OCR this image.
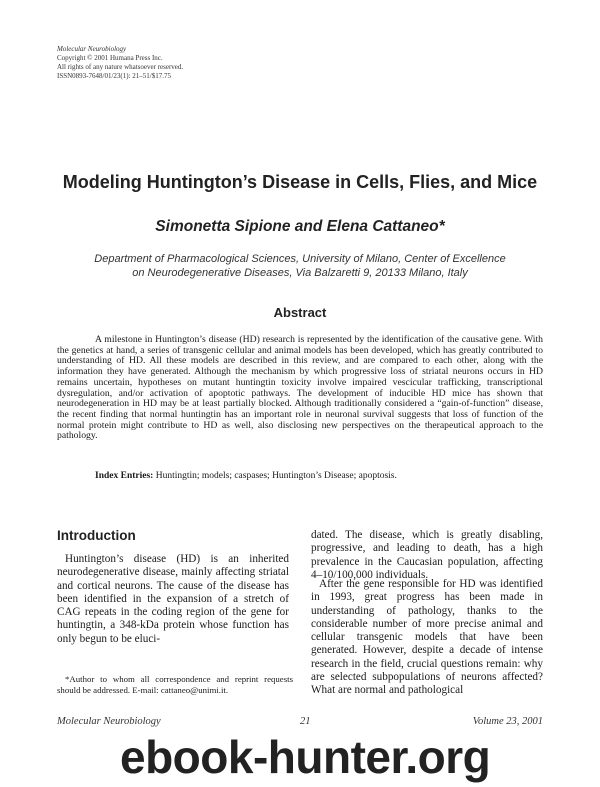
Molecular Neurobiology
Copyright © 2001 Humana Press Inc.
All rights of any nature whatsoever reserved.
ISSN0893-7648/01/23(1): 21–51/$17.75
Modeling Huntington’s Disease in Cells, Flies, and Mice
Simonetta Sipione and Elena Cattaneo*
Department of Pharmacological Sciences, University of Milano, Center of Excellence
on Neurodegenerative Diseases, Via Balzaretti 9, 20133 Milano, Italy
Abstract

A milestone in Huntington’s disease (HD) research is represented by the identification of the causative gene. With the genetics at hand, a series of transgenic cellular and animal models has been developed, which has greatly contributed to understanding of HD. All these models are described in this review, and are compared to each other, along with the information they have generated. Although the mechanism by which progressive loss of striatal neurons occurs in HD remains uncertain, hypotheses on mutant huntingtin toxicity involve impaired vescicular trafficking, transcriptional dysregulation, and/or activation of apoptotic pathways. The development of inducible HD mice has shown that neurodegeneration in HD may be at least partially blocked. Although traditionally considered a “gain-of-function” disease, the recent finding that normal huntingtin has an important role in neuronal survival suggests that loss of function of the normal protein might contribute to HD as well, also disclosing new perspectives on the therapeutical approach to the pathology.

Index Entries: Huntingtin; models; caspases; Huntington’s Disease; apoptosis.
Introduction

Huntington’s disease (HD) is an inherited neurodegenerative disease, mainly affecting striatal and cortical neurons. The cause of the disease has been identified in the expansion of a stretch of CAG repeats in the coding region of the gene for huntingtin, a 348-kDa protein whose function has only begun to be eluci-

dated. The disease, which is greatly disabling, progressive, and leading to death, has a high prevalence in the Caucasian population, affecting 4–10/100,000 individuals.

After the gene responsible for HD was identified in 1993, great progress has been made in understanding of pathology, thanks to the considerable number of more precise animal and cellular transgenic models that have been generated. However, despite a decade of intense research in the field, crucial questions remain: why are selected subpopulations of neurons affected? What are normal and pathological

*Author to whom all correspondence and reprint requests should be addressed. E-mail: cattaneo@unimi.it.

Molecular Neurobiology	21	Volume 23, 2001
ebook-hunter.org
